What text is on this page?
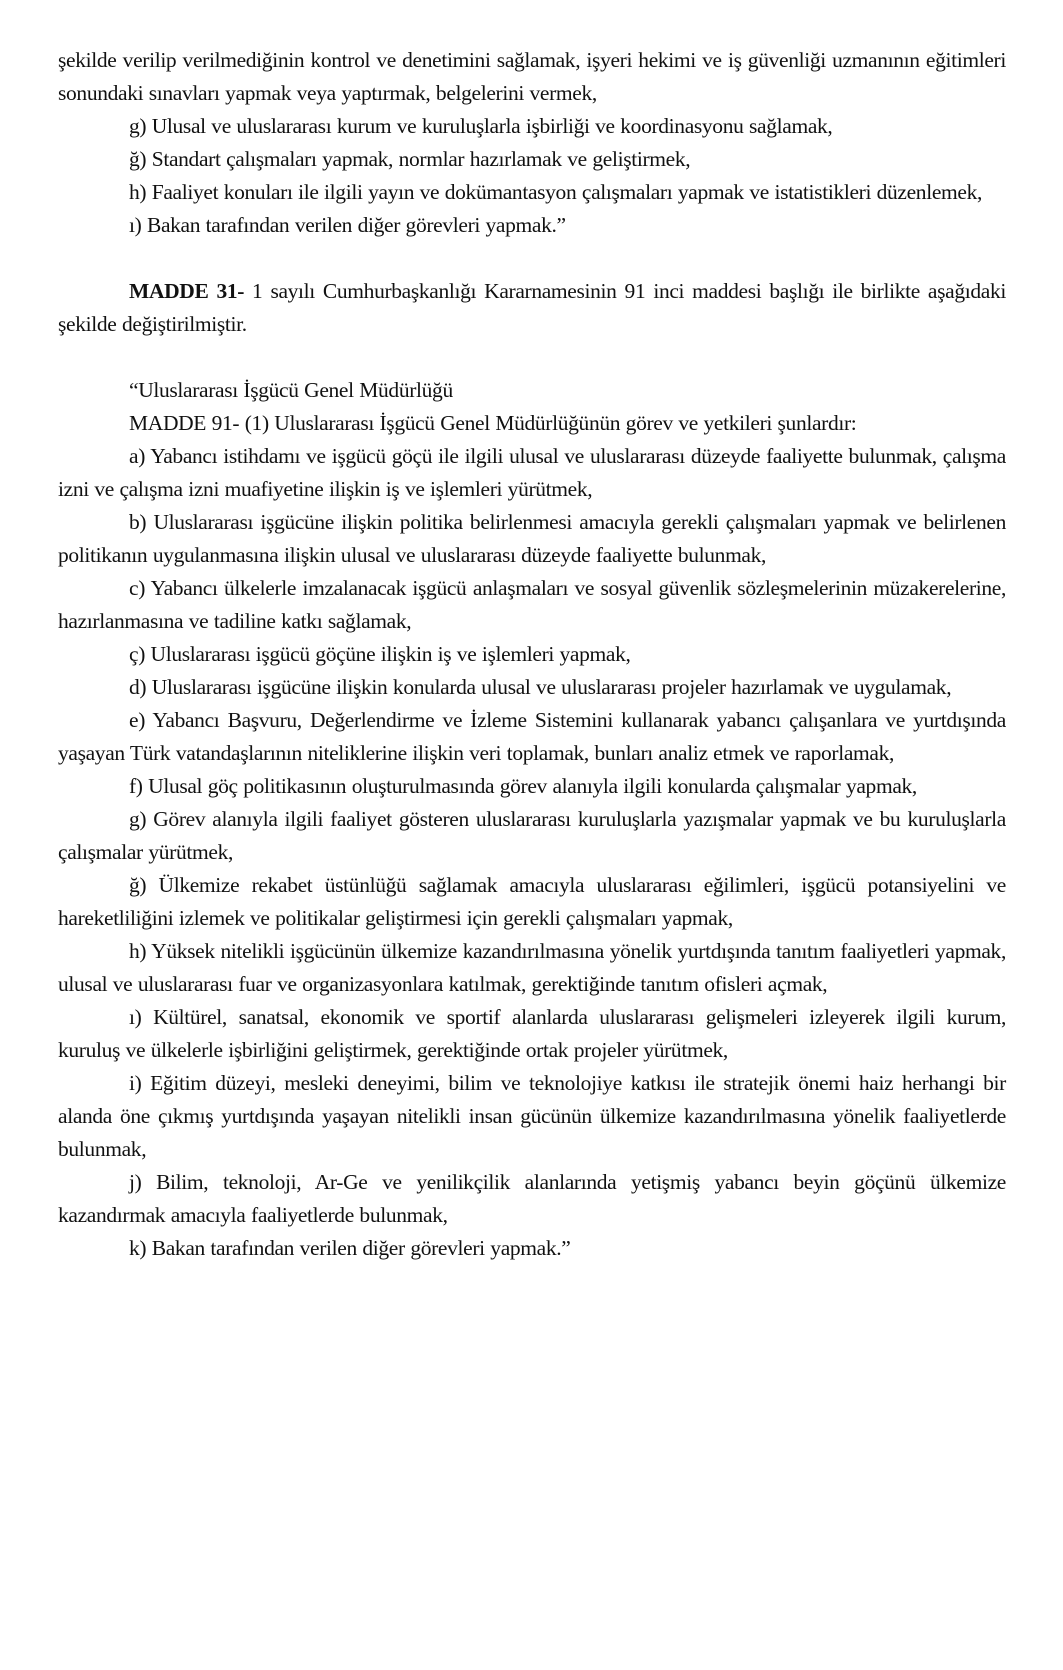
şekilde verilip verilmediğinin kontrol ve denetimini sağlamak, işyeri hekimi ve iş güvenliği uzmanının eğitimleri sonundaki sınavları yapmak veya yaptırmak, belgelerini vermek,

g) Ulusal ve uluslararası kurum ve kuruluşlarla işbirliği ve koordinasyonu sağlamak,

ğ) Standart çalışmaları yapmak, normlar hazırlamak ve geliştirmek,

h) Faaliyet konuları ile ilgili yayın ve dokümantasyon çalışmaları yapmak ve istatistikleri düzenlemek,

ı) Bakan tarafından verilen diğer görevleri yapmak.”

MADDE 31- 1 sayılı Cumhurbaşkanlığı Kararnamesinin 91 inci maddesi başlığı ile birlikte aşağıdaki şekilde değiştirilmiştir.

“Uluslararası İşgücü Genel Müdürlüğü

MADDE 91- (1) Uluslararası İşgücü Genel Müdürlüğünün görev ve yetkileri şunlardır:

a) Yabancı istihdamı ve işgücü göçü ile ilgili ulusal ve uluslararası düzeyde faaliyette bulunmak, çalışma izni ve çalışma izni muafiyetine ilişkin iş ve işlemleri yürütmek,

b) Uluslararası işgücüne ilişkin politika belirlenmesi amacıyla gerekli çalışmaları yapmak ve belirlenen politikanın uygulanmasına ilişkin ulusal ve uluslararası düzeyde faaliyette bulunmak,

c) Yabancı ülkelerle imzalanacak işgücü anlaşmaları ve sosyal güvenlik sözleşmelerinin müzakerelerine, hazırlanmasına ve tadiline katkı sağlamak,

ç) Uluslararası işgücü göçüne ilişkin iş ve işlemleri yapmak,

d) Uluslararası işgücüne ilişkin konularda ulusal ve uluslararası projeler hazırlamak ve uygulamak,

e) Yabancı Başvuru, Değerlendirme ve İzleme Sistemini kullanarak yabancı çalışanlara ve yurtdışında yaşayan Türk vatandaşlarının niteliklerine ilişkin veri toplamak, bunları analiz etmek ve raporlamak,

f) Ulusal göç politikasının oluşturulmasında görev alanıyla ilgili konularda çalışmalar yapmak,

g) Görev alanıyla ilgili faaliyet gösteren uluslararası kuruluşlarla yazışmalar yapmak ve bu kuruluşlarla çalışmalar yürütmek,

ğ) Ülkemize rekabet üstünlüğü sağlamak amacıyla uluslararası eğilimleri, işgücü potansiyelini ve hareketliliğini izlemek ve politikalar geliştirmesi için gerekli çalışmaları yapmak,

h) Yüksek nitelikli işgücünün ülkemize kazandırılmasına yönelik yurtdışında tanıtım faaliyetleri yapmak, ulusal ve uluslararası fuar ve organizasyonlara katılmak, gerektiğinde tanıtım ofisleri açmak,

ı) Kültürel, sanatsal, ekonomik ve sportif alanlarda uluslararası gelişmeleri izleyerek ilgili kurum, kuruluş ve ülkelerle işbirliğini geliştirmek, gerektiğinde ortak projeler yürütmek,

i) Eğitim düzeyi, mesleki deneyimi, bilim ve teknolojiye katkısı ile stratejik önemi haiz herhangi bir alanda öne çıkmış yurtdışında yaşayan nitelikli insan gücünün ülkemize kazandırılmasına yönelik faaliyetlerde bulunmak,

j) Bilim, teknoloji, Ar-Ge ve yenilikçilik alanlarında yetişmiş yabancı beyin göçünü ülkemize kazandırmak amacıyla faaliyetlerde bulunmak,

k) Bakan tarafından verilen diğer görevleri yapmak.”
